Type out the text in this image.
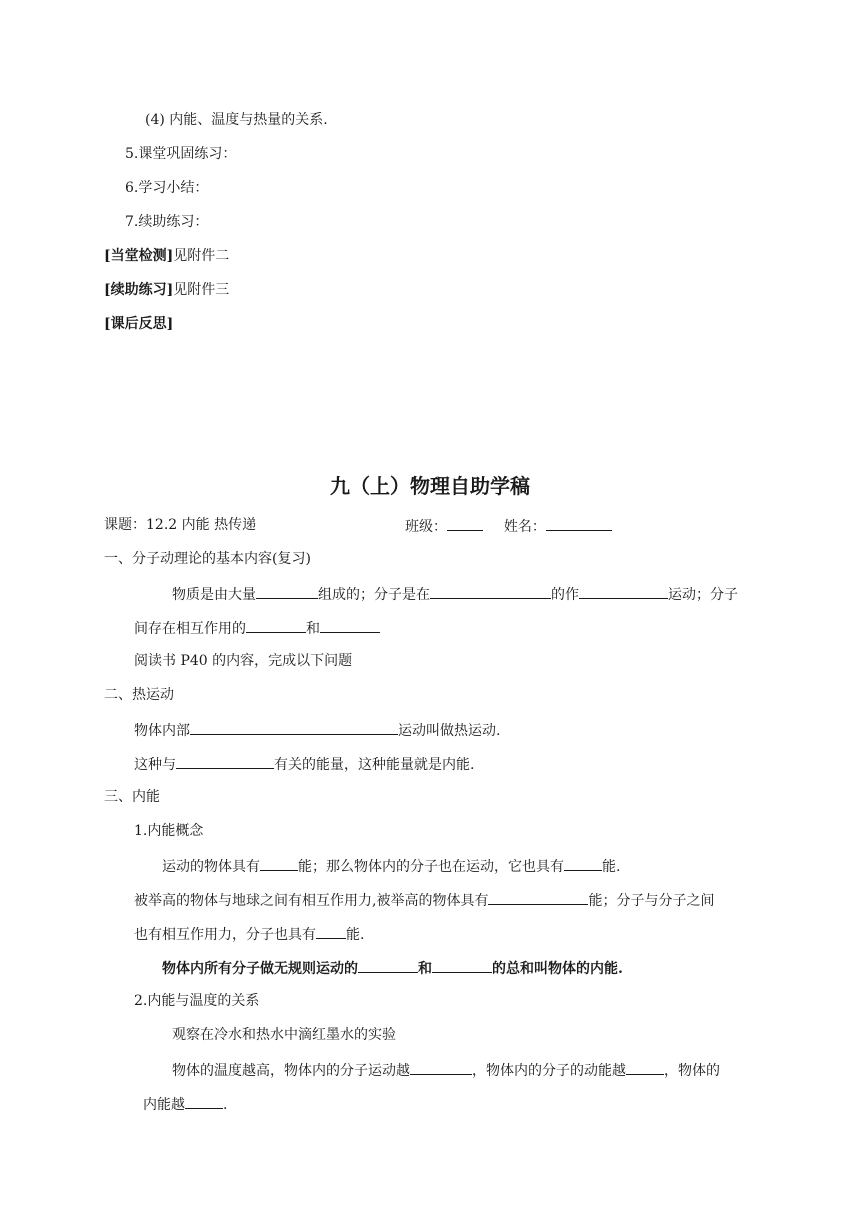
(4) 内能、温度与热量的关系.
5.课堂巩固练习：
6.学习小结：
7.续助练习：
[当堂检测]见附件二
[续助练习]见附件三
[课后反思]
九（上）物理自助学稿
课题：12.2 内能 热传递	班级：	姓名：
一、分子动理论的基本内容(复习)
物质是由大量	组成的；分子是在	的作	运动；分子
间存在相互作用的	和
阅读书 P40 的内容，完成以下问题
二、热运动
物体内部	运动叫做热运动.
这种与	有关的能量，这种能量就是内能.
三、内能
1.内能概念
运动的物体具有	能；那么物体内的分子也在运动，它也具有	能.
被举高的物体与地球之间有相互作用力,被举高的物体具有	能；分子与分子之间
也有相互作用力，分子也具有 能.
物体内所有分子做无规则运动的	和	的总和叫物体的内能.
2.内能与温度的关系
观察在冷水和热水中滴红墨水的实验
物体的温度越高，物体内的分子运动越	，物体内的分子的动能越	，物体的
内能越	.
